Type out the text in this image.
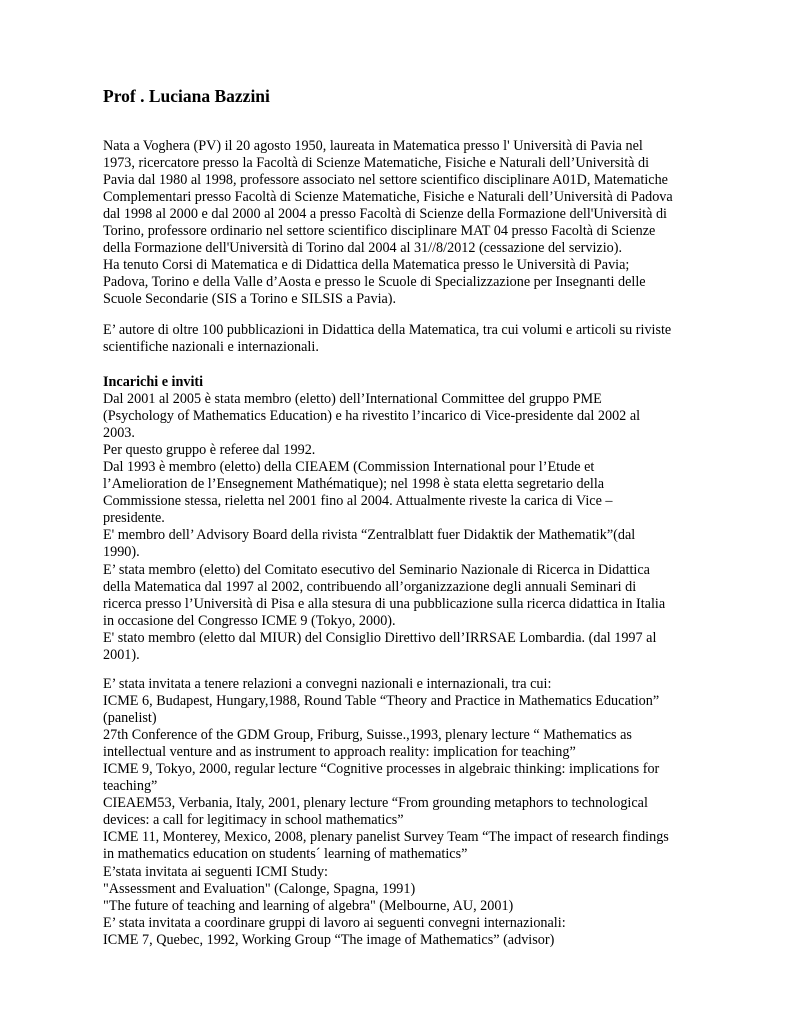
Prof . Luciana Bazzini
Nata a Voghera (PV) il 20 agosto 1950, laureata in Matematica presso l' Università di Pavia nel
1973, ricercatore presso la Facoltà di Scienze Matematiche, Fisiche e Naturali dell’Università di
Pavia dal 1980 al 1998, professore associato nel settore scientifico disciplinare A01D, Matematiche
Complementari presso Facoltà di Scienze Matematiche, Fisiche e Naturali dell’Università di Padova
dal 1998 al 2000 e dal 2000 al 2004 a presso Facoltà di Scienze della Formazione dell'Università di
Torino, professore ordinario nel settore scientifico disciplinare MAT 04 presso Facoltà di Scienze
della Formazione dell'Università di Torino dal 2004 al 31//8/2012 (cessazione del servizio).
Ha tenuto Corsi di Matematica e di Didattica della Matematica presso le Università di Pavia;
Padova, Torino e della Valle d’Aosta e presso le Scuole di Specializzazione per Insegnanti delle
Scuole Secondarie (SIS a Torino e SILSIS a Pavia).
E’ autore di oltre 100 pubblicazioni in Didattica della Matematica, tra cui volumi e articoli su riviste
scientifiche nazionali e internazionali.
Incarichi e inviti
Dal 2001 al 2005 è stata membro (eletto) dell’International Committee del gruppo PME
(Psychology of Mathematics Education) e ha rivestito l’incarico di Vice-presidente dal 2002 al
2003.
Per questo gruppo è referee dal 1992.
Dal 1993 è membro (eletto) della CIEAEM (Commission International pour l’Etude et
l’Amelioration de l’Ensegnement Mathématique); nel 1998 è stata eletta segretario della
Commissione stessa, rieletta nel 2001 fino al 2004. Attualmente riveste la carica di Vice –
presidente.
E' membro dell’ Advisory Board della rivista “Zentralblatt fuer Didaktik der Mathematik”(dal
1990).
E’ stata membro (eletto) del Comitato esecutivo del Seminario Nazionale di Ricerca in Didattica
della Matematica dal 1997 al 2002, contribuendo all’organizzazione degli annuali Seminari di
ricerca presso l’Università di Pisa e alla stesura di una pubblicazione sulla ricerca didattica in Italia
in occasione del Congresso ICME 9 (Tokyo, 2000).
E' stato membro (eletto dal MIUR) del Consiglio Direttivo dell’IRRSAE Lombardia. (dal 1997 al
2001).
E’ stata invitata a tenere relazioni a convegni nazionali e internazionali, tra cui:
ICME 6, Budapest, Hungary,1988, Round Table “Theory and Practice in Mathematics Education”
(panelist)
27th Conference of the GDM Group, Friburg, Suisse.,1993, plenary lecture “ Mathematics as
intellectual venture and as instrument to approach reality: implication for teaching”
ICME 9, Tokyo, 2000, regular lecture “Cognitive processes in algebraic thinking: implications for
teaching”
CIEAEM53, Verbania, Italy, 2001, plenary lecture “From grounding metaphors to technological
devices: a call for legitimacy in school mathematics”
ICME 11, Monterey, Mexico, 2008, plenary panelist Survey Team “The impact of research findings
in mathematics education on students´ learning of mathematics”
E’stata invitata ai seguenti ICMI Study:
"Assessment and Evaluation" (Calonge, Spagna, 1991)
"The future of teaching and learning of algebra" (Melbourne, AU, 2001)
E’ stata invitata a coordinare gruppi di lavoro ai seguenti convegni internazionali:
ICME 7, Quebec, 1992, Working Group “The image of Mathematics” (advisor)
